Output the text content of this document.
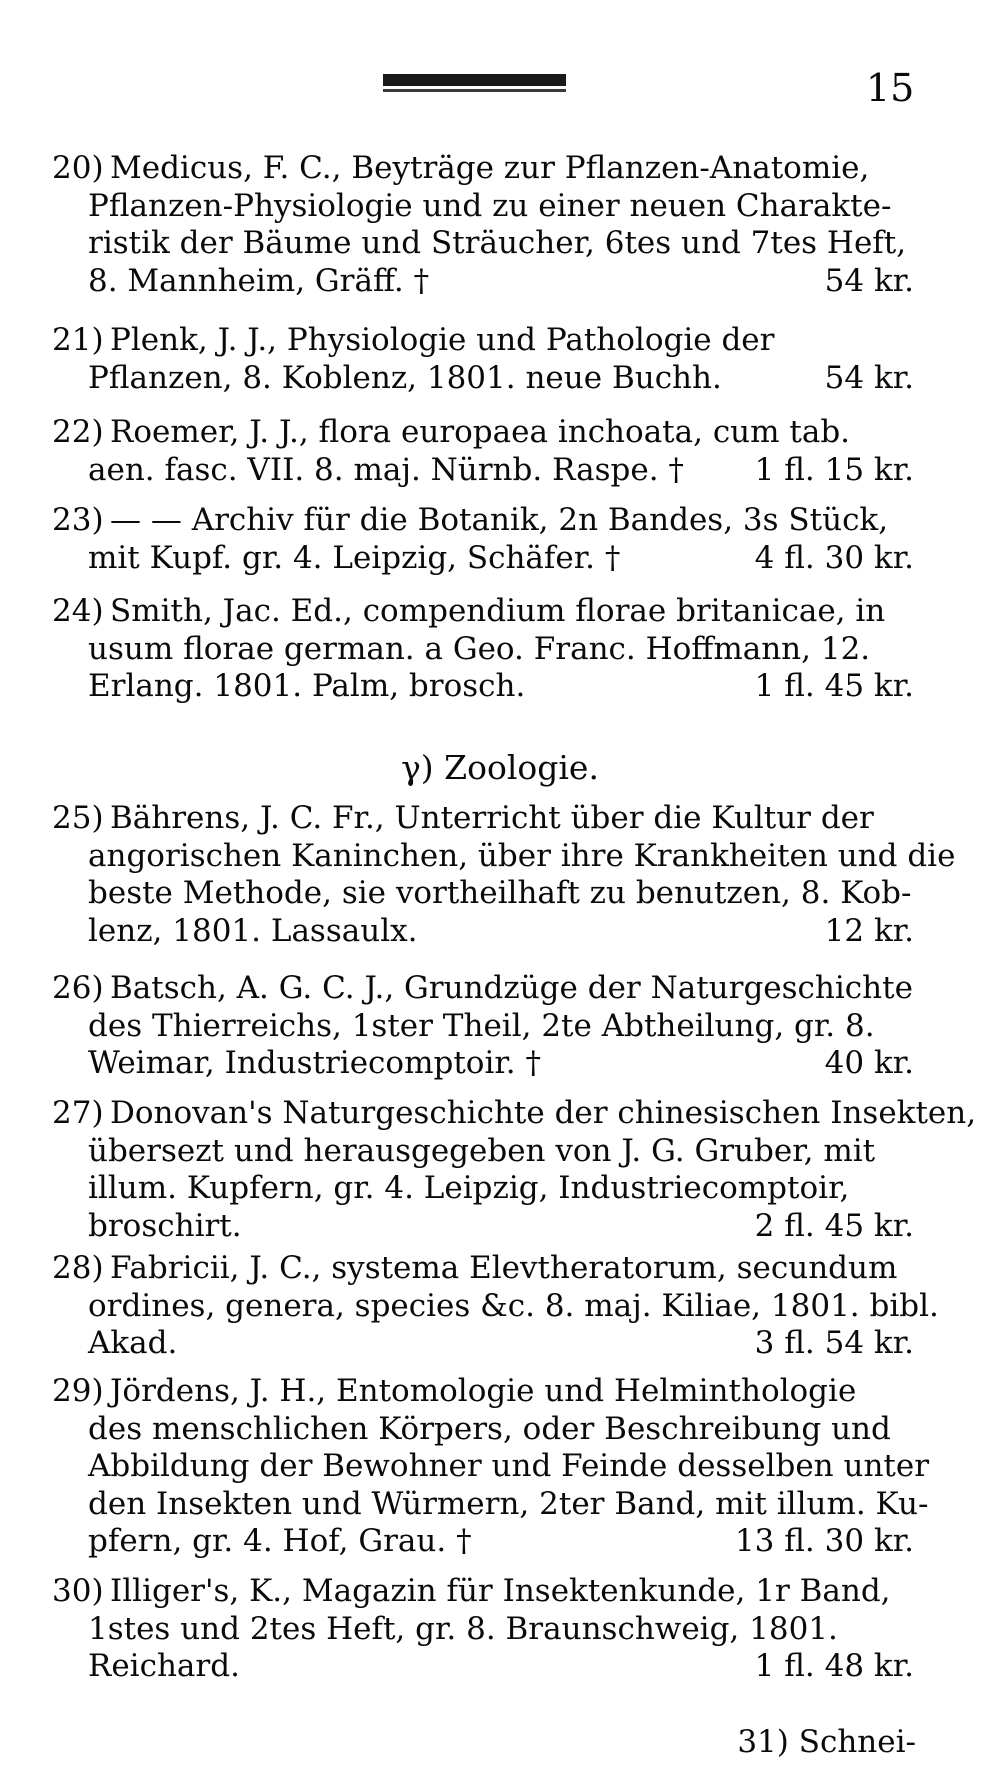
15
20) Medicus, F. C., Beyträge zur Pflanzen-Anatomie,
Pflanzen-Physiologie und zu einer neuen Charakte-
ristik der Bäume und Sträucher, 6tes und 7tes Heft,
8. Mannheim, Gräff. †	54 kr.
21) Plenk, J. J., Physiologie und Pathologie der
Pflanzen, 8. Koblenz, 1801. neue Buchh.	54 kr.
22) Roemer, J. J., flora europaea inchoata, cum tab.
aen. fasc. VII. 8. maj. Nürnb. Raspe. † 1 fl. 15 kr.
23) — — Archiv für die Botanik, 2n Bandes, 3s Stück,
mit Kupf. gr. 4. Leipzig, Schäfer. †	4 fl. 30 kr.
24) Smith, Jac. Ed., compendium florae britanicae, in
usum florae german. a Geo. Franc. Hoffmann, 12.
Erlang. 1801. Palm, brosch.	1 fl. 45 kr.
γ) Zoologie.
25) Bährens, J. C. Fr., Unterricht über die Kultur der
angorischen Kaninchen, über ihre Krankheiten und die
beste Methode, sie vortheilhaft zu benutzen, 8. Kob-
lenz, 1801. Lassaulx.	12 kr.
26) Batsch, A. G. C. J., Grundzüge der Naturgeschichte
des Thierreichs, 1ster Theil, 2te Abtheilung, gr. 8.
Weimar, Industriecomptoir. †	40 kr.
27) Donovan's Naturgeschichte der chinesischen Insekten,
übersezt und herausgegeben von J. G. Gruber, mit
illum. Kupfern, gr. 4. Leipzig, Industriecomptoir,
broschirt.	2 fl. 45 kr.
28) Fabricii, J. C., systema Elevtheratorum, secundum
ordines, genera, species &c. 8. maj. Kiliae, 1801. bibl.
Akad.	3 fl. 54 kr.
29) Jördens, J. H., Entomologie und Helminthologie
des menschlichen Körpers, oder Beschreibung und
Abbildung der Bewohner und Feinde desselben unter
den Insekten und Würmern, 2ter Band, mit illum. Ku-
pfern, gr. 4. Hof, Grau. †	13 fl. 30 kr.
30) Illiger's, K., Magazin für Insektenkunde, 1r Band,
1stes und 2tes Heft, gr. 8. Braunschweig, 1801.
Reichard.	1 fl. 48 kr.
31) Schnei-
